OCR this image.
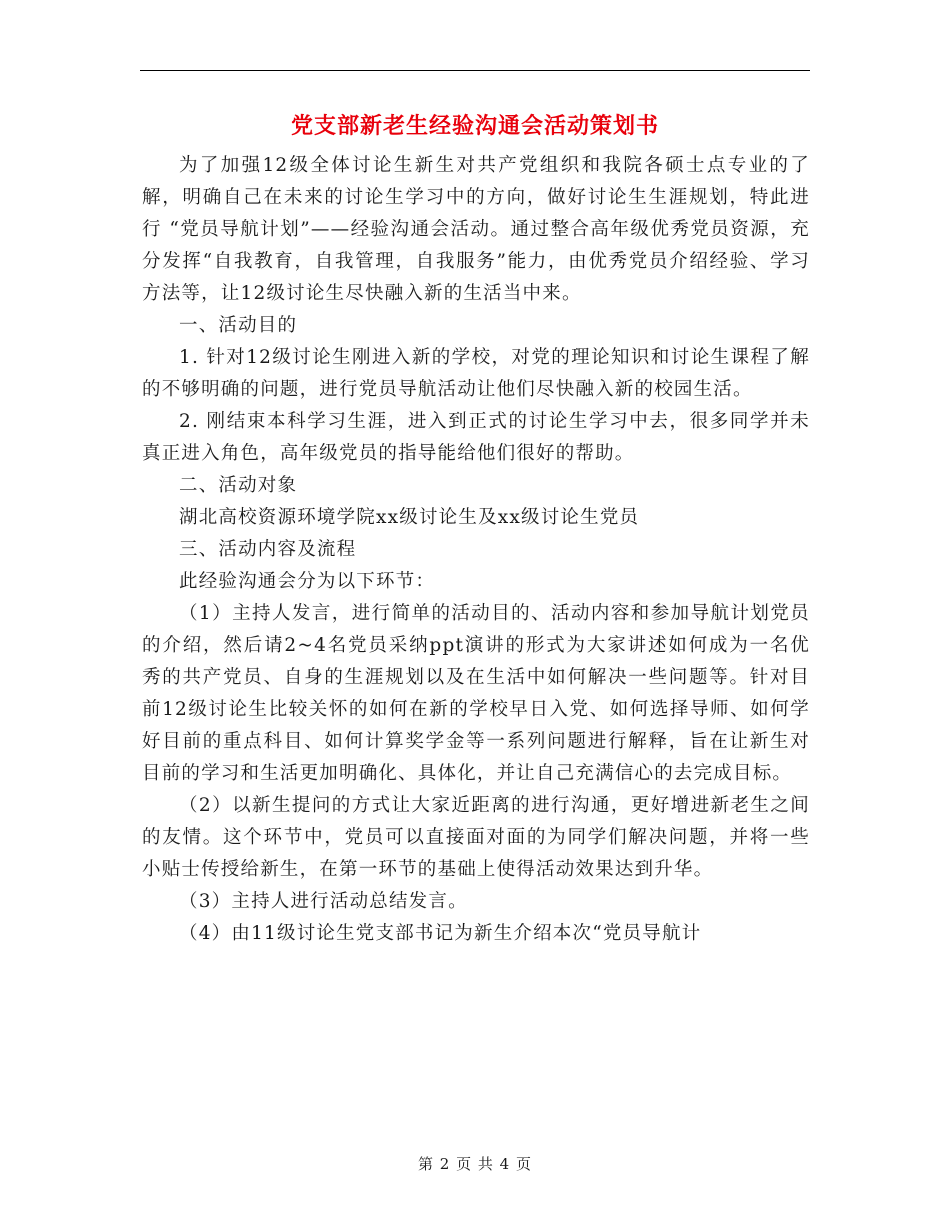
党支部新老生经验沟通会活动策划书

为了加强12级全体讨论生新生对共产党组织和我院各硕士点专业的了解，明确自己在未来的讨论生学习中的方向，做好讨论生生涯规划，特此进行 “党员导航计划”——经验沟通会活动。通过整合高年级优秀党员资源，充分发挥“自我教育，自我管理，自我服务”能力，由优秀党员介绍经验、学习方法等，让12级讨论生尽快融入新的生活当中来。

一、活动目的

1. 针对12级讨论生刚进入新的学校，对党的理论知识和讨论生课程了解的不够明确的问题，进行党员导航活动让他们尽快融入新的校园生活。

2. 刚结束本科学习生涯，进入到正式的讨论生学习中去，很多同学并未真正进入角色，高年级党员的指导能给他们很好的帮助。

二、活动对象

湖北高校资源环境学院xx级讨论生及xx级讨论生党员

三、活动内容及流程

此经验沟通会分为以下环节：

（1）主持人发言，进行简单的活动目的、活动内容和参加导航计划党员的介绍，然后请2~4名党员采纳ppt演讲的形式为大家讲述如何成为一名优秀的共产党员、自身的生涯规划以及在生活中如何解决一些问题等。针对目前12级讨论生比较关怀的如何在新的学校早日入党、如何选择导师、如何学好目前的重点科目、如何计算奖学金等一系列问题进行解释，旨在让新生对目前的学习和生活更加明确化、具体化，并让自己充满信心的去完成目标。

（2）以新生提问的方式让大家近距离的进行沟通，更好增进新老生之间的友情。这个环节中，党员可以直接面对面的为同学们解决问题，并将一些小贴士传授给新生，在第一环节的基础上使得活动效果达到升华。

（3）主持人进行活动总结发言。

（4）由11级讨论生党支部书记为新生介绍本次“党员导航计

第 2 页 共 4 页
